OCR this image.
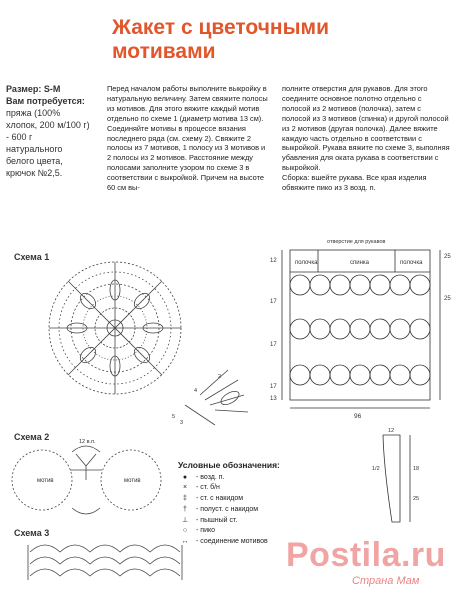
Жакет с цветочными
мотивами

Размер: S-M

Вам потребуется:

пряжа (100% хлопок, 200 м/100 г) - 600 г натурального белого цвета, крючок №2,5.

Перед началом работы выполните выкройку в натуральную величину. Затем свяжите полосы из мотивов. Для этого вяжите каждый мотив отдельно по схеме 1 (диаметр мотива 13 см). Соединяйте мотивы в процессе вязания последнего ряда (см. схему 2). Свяжите 2 полосы из 7 мотивов, 1 полосу из 3 мотивов и 2 полосы из 2 мотивов. Расстояние между полосами заполните узором по схеме 3 в соответствии с выкройкой. Причем на высоте 60 см вы-

полните отверстия для рукавов. Для этого соедините основное полотно отдельно с полосой из 2 мотивов (полочка), затем с полосой из 3 мотивов (спинка) и другой полосой из 2 мотивов (другая полочка). Далее вяжите каждую часть отдельно в соответствии с выкройкой. Рукава вяжите по схеме 3, выполняя убавления для оката рукава в соответствии с выкройкой.

Сборка: вшейте рукава. Все края изделия обвяжите пико из 3 возд. п.

Схема 1
Схема 2
Схема 3
5
3
2
4
мотив	мотив
12 в.п.
отверстие для рукавов
полочка	спинка	полочка
96
12
17
17
17
13
25
25
12
18
25
1/2
Условные обозначения:
●	- возд. п.
×	- ст. б/н
‡	- ст. с накидом
†	- полуст. с накидом
⊥	- пышный ст.
○	- пико
↔	- соединение мотивов Postila.ru
Страна Мам
